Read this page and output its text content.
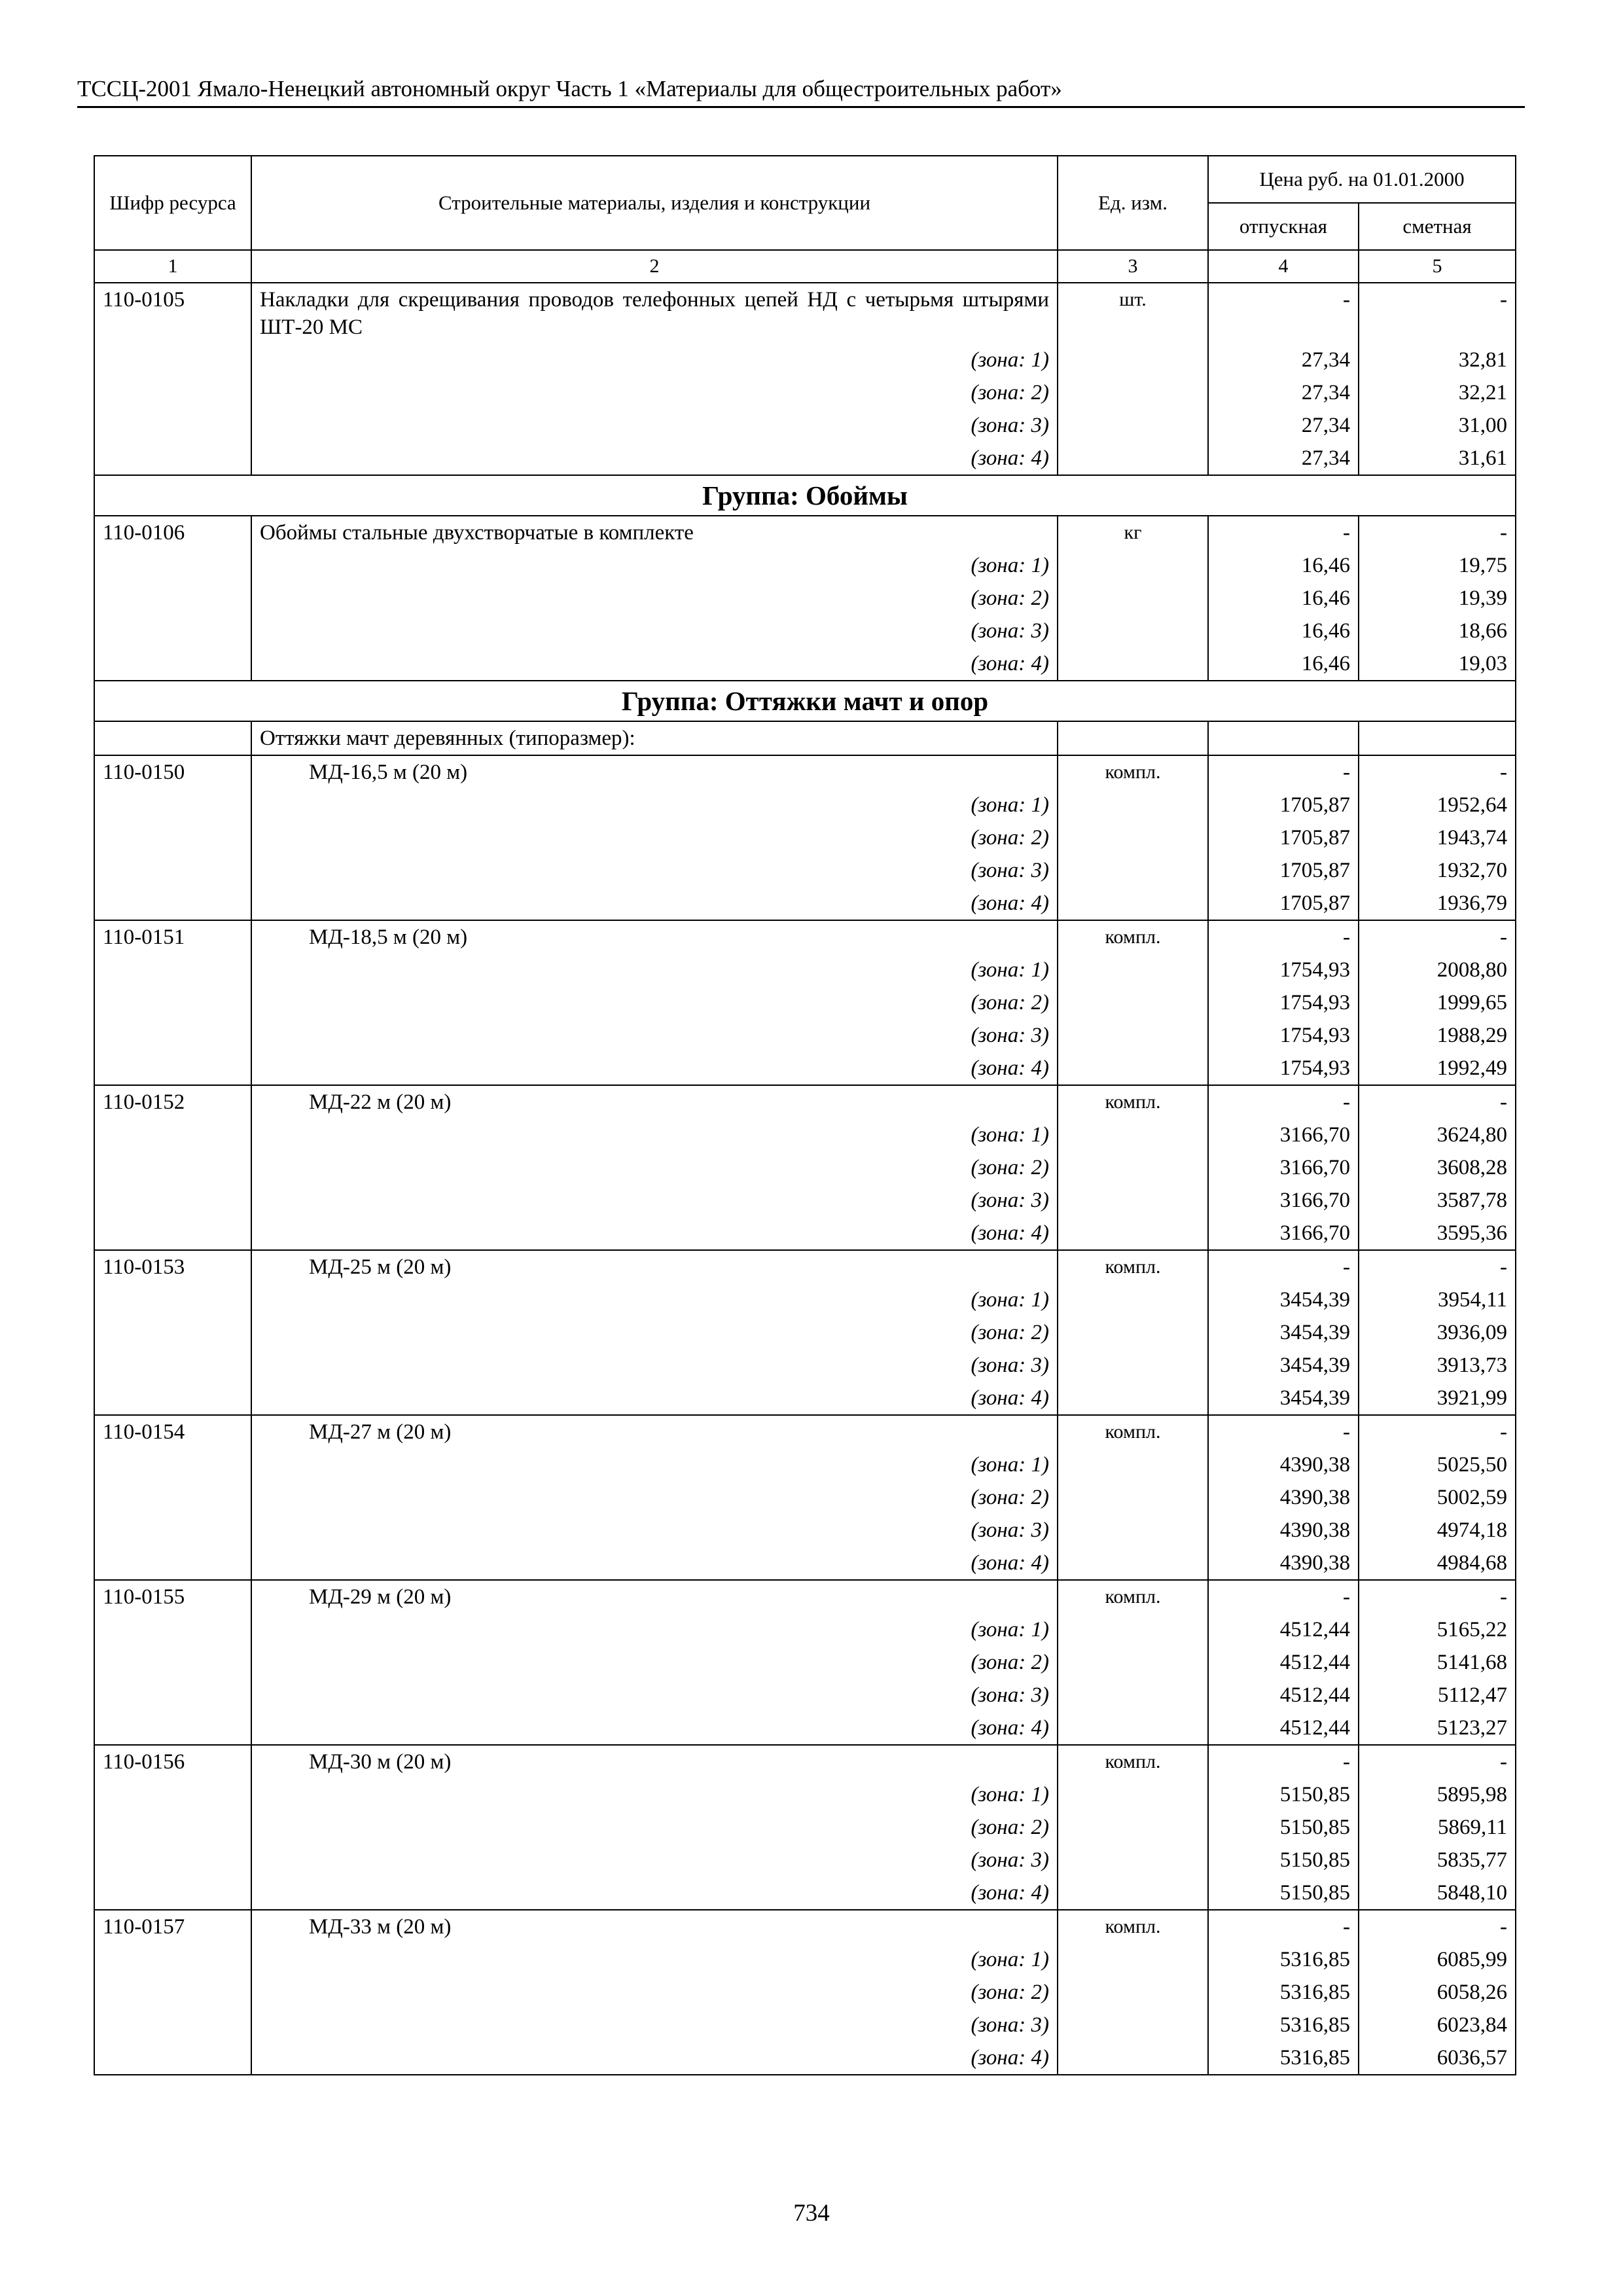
ТССЦ-2001 Ямало-Ненецкий автономный округ Часть 1 «Материалы для общестроительных работ»
Шифр ресурса	Строительные материалы, изделия и конструкции	Ед. изм.	Цена руб. на 01.01.2000	
			отпускная	сметная
1	2	3	4	5
110-0105	Накладки для скрещивания проводов телефонных цепей НД с четырьмя штырями ШТ-20 МС	шт.	-	-
	(зона: 1)		27,34	32,81
	(зона: 2)		27,34	32,21
	(зона: 3)		27,34	31,00
	(зона: 4)		27,34	31,61
Группа: Обоймы				
110-0106	Обоймы стальные двухстворчатые в комплекте	кг	-	-
	(зона: 1)		16,46	19,75
	(зона: 2)		16,46	19,39
	(зона: 3)		16,46	18,66
	(зона: 4)		16,46	19,03
Группа: Оттяжки мачт и опор				
	Оттяжки мачт деревянных (типоразмер):			
110-0150	МД-16,5 м (20 м)	компл.	-	-
	(зона: 1)		1705,87	1952,64
	(зона: 2)		1705,87	1943,74
	(зона: 3)		1705,87	1932,70
	(зона: 4)		1705,87	1936,79
110-0151	МД-18,5 м (20 м)	компл.	-	-
	(зона: 1)		1754,93	2008,80
	(зона: 2)		1754,93	1999,65
	(зона: 3)		1754,93	1988,29
	(зона: 4)		1754,93	1992,49
110-0152	МД-22 м (20 м)	компл.	-	-
	(зона: 1)		3166,70	3624,80
	(зона: 2)		3166,70	3608,28
	(зона: 3)		3166,70	3587,78
	(зона: 4)		3166,70	3595,36
110-0153	МД-25 м (20 м)	компл.	-	-
	(зона: 1)		3454,39	3954,11
	(зона: 2)		3454,39	3936,09
	(зона: 3)		3454,39	3913,73
	(зона: 4)		3454,39	3921,99
110-0154	МД-27 м (20 м)	компл.	-	-
	(зона: 1)		4390,38	5025,50
	(зона: 2)		4390,38	5002,59
	(зона: 3)		4390,38	4974,18
	(зона: 4)		4390,38	4984,68
110-0155	МД-29 м (20 м)	компл.	-	-
	(зона: 1)		4512,44	5165,22
	(зона: 2)		4512,44	5141,68
	(зона: 3)		4512,44	5112,47
	(зона: 4)		4512,44	5123,27
110-0156	МД-30 м (20 м)	компл.	-	-
	(зона: 1)		5150,85	5895,98
	(зона: 2)		5150,85	5869,11
	(зона: 3)		5150,85	5835,77
	(зона: 4)		5150,85	5848,10
110-0157	МД-33 м (20 м)	компл.	-	-
	(зона: 1)		5316,85	6085,99
	(зона: 2)		5316,85	6058,26
	(зона: 3)		5316,85	6023,84
	(зона: 4)		5316,85	6036,57
734
